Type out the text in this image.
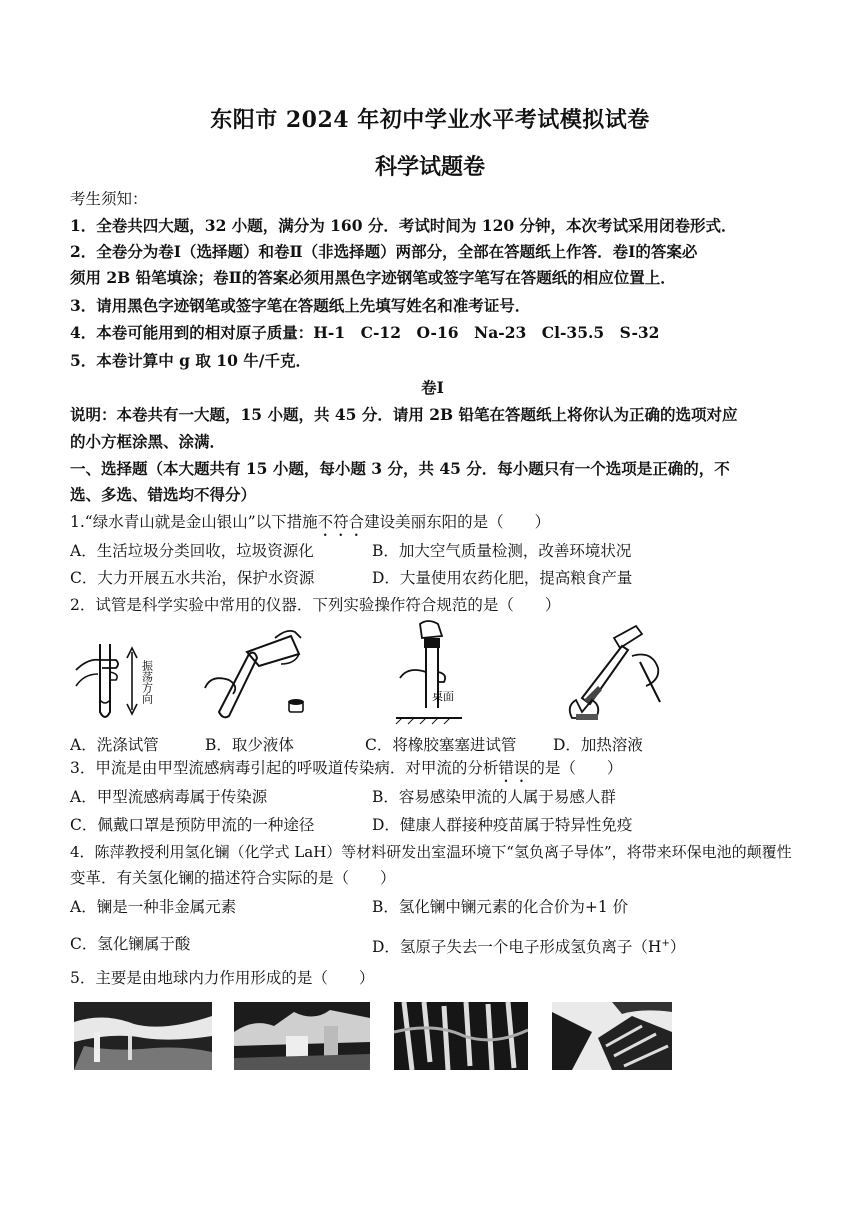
东阳市 2024 年初中学业水平考试模拟试卷
科学试题卷
考生须知：
1．全卷共四大题，32 小题，满分为 160 分．考试时间为 120 分钟，本次考试采用闭卷形式．
2．全卷分为卷Ⅰ（选择题）和卷Ⅱ（非选择题）两部分，全部在答题纸上作答．卷Ⅰ的答案必
须用 2B 铅笔填涂；卷Ⅱ的答案必须用黑色字迹钢笔或签字笔写在答题纸的相应位置上．
3．请用黑色字迹钢笔或签字笔在答题纸上先填写姓名和准考证号．
4．本卷可能用到的相对原子质量：H-1　C-12　O-16　Na-23　Cl-35.5　S-32
5．本卷计算中 g 取 10 牛/千克．
卷Ⅰ
说明：本卷共有一大题，15 小题，共 45 分．请用 2B 铅笔在答题纸上将你认为正确的选项对应
的小方框涂黑、涂满．
一、选择题（本大题共有 15 小题，每小题 3 分，共 45 分．每小题只有一个选项是正确的，不
选、多选、错选均不得分）
1.“绿水青山就是金山银山”以下措施不符合建设美丽东阳的是（　　）
A．生活垃圾分类回收，垃圾资源化	B．加大空气质量检测，改善环境状况
C．大力开展五水共治，保护水资源	D．大量使用农药化肥，提高粮食产量
2．试管是科学实验中常用的仪器．下列实验操作符合规范的是（　　）
振荡方向	桌面
A．洗涤试管	B．取少液体	C．将橡胶塞塞进试管 D．加热溶液
3．甲流是由甲型流感病毒引起的呼吸道传染病．对甲流的分析错误的是（　　）
A．甲型流感病毒属于传染源	B．容易感染甲流的人属于易感人群
C．佩戴口罩是预防甲流的一种途径	D．健康人群接种疫苗属于特异性免疫
4．陈萍教授利用氢化镧（化学式 LaH）等材料研发出室温环境下“氢负离子导体”，将带来环保电池的颠覆性
变革．有关氢化镧的描述符合实际的是（　　）
A．镧是一种非金属元素	B．氢化镧中镧元素的化合价为+1 价
C．氢化镧属于酸	D．氢原子失去一个电子形成氢负离子（H+）
5．主要是由地球内力作用形成的是（　　）
